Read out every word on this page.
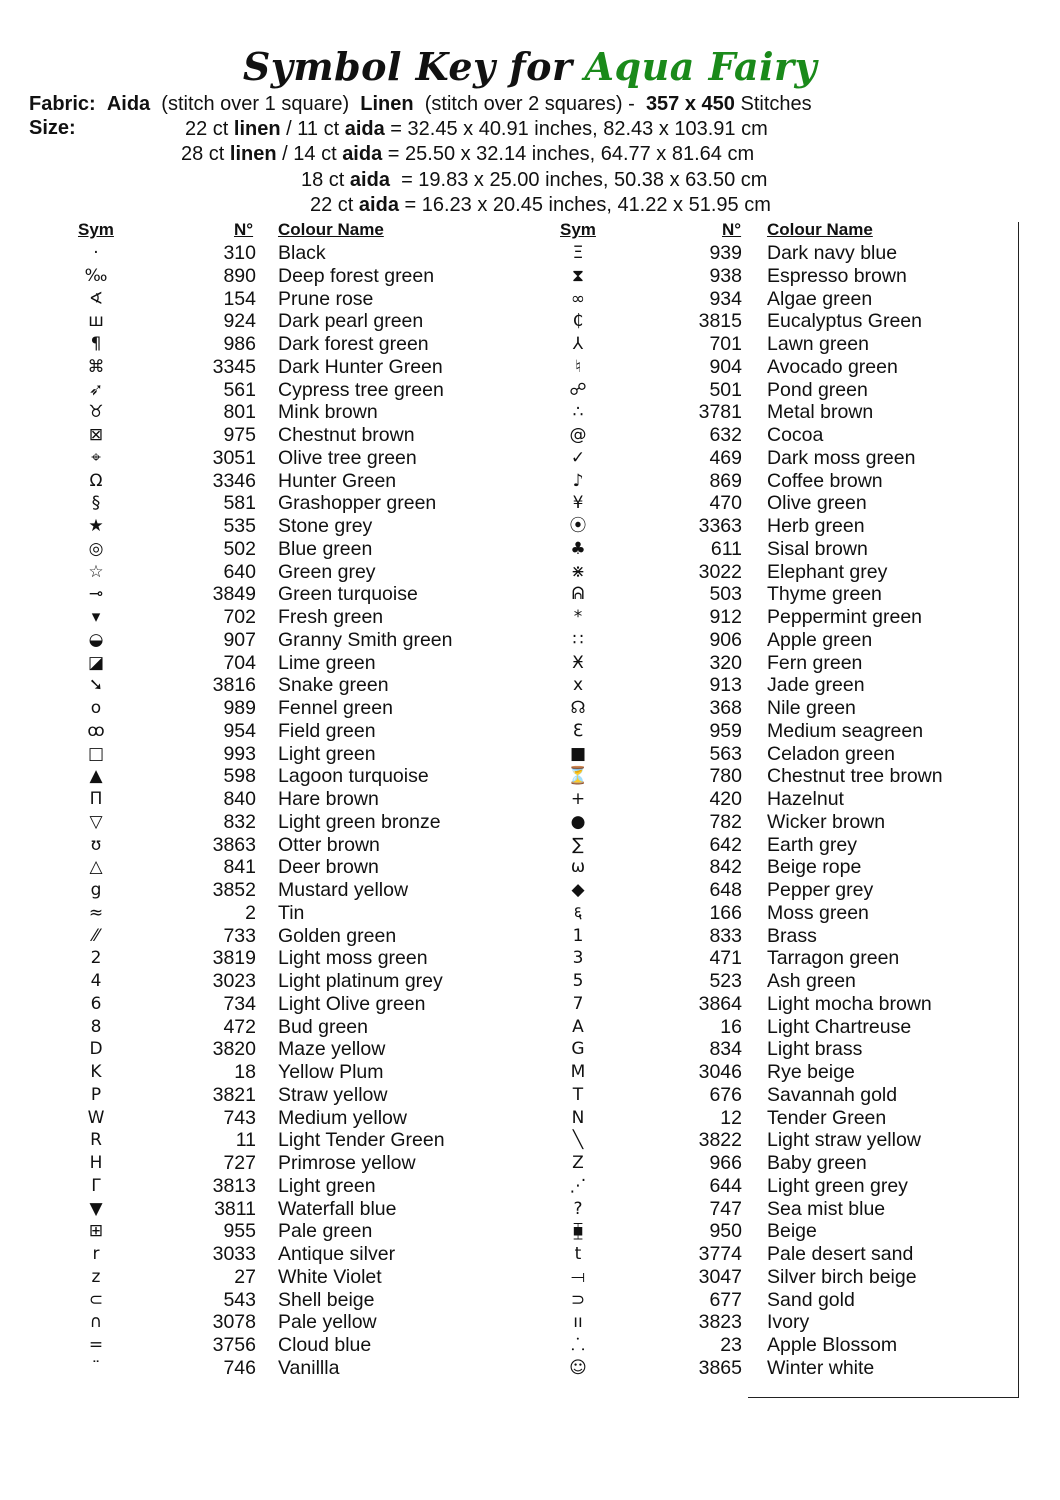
Symbol Key for Aqua Fairy
Fabric: Aida (stitch over 1 square) Linen (stitch over 2 squares) - 357 x 450 Stitches
Size:	22 ct linen / 11 ct aida = 32.45 x 40.91 inches, 82.43 x 103.91 cm
28 ct linen / 14 ct aida = 25.50 x 32.14 inches, 64.77 x 81.64 cm
18 ct aida  = 19.83 x 25.00 inches, 50.38 x 63.50 cm
22 ct aida = 16.23 x 20.45 inches, 41.22 x 51.95 cm
Sym	N° Colour Name	Sym	N° Colour Name
·	310 Black
‰	890 Deep forest green
∢	154 Prune rose
ш	924 Dark pearl green
¶	986 Dark forest green
⌘	3345 Dark Hunter Green
➶	561 Cypress tree green
♉	801 Mink brown
⊠	975 Chestnut brown
⌖	3051 Olive tree green
Ω	3346 Hunter Green
§	581 Grashopper green
★	535 Stone grey
◎	502 Blue green
☆	640 Green grey
⊸	3849 Green turquoise
▾	702 Fresh green
◒	907 Granny Smith green
◪	704 Lime green
➘	3816 Snake green
o	989 Fennel green
ꝏ	954 Field green
□	993 Light green
▲	598 Lagoon turquoise
Π	840 Hare brown
▽	832 Light green bronze
ʊ	3863 Otter brown
△	841 Deer brown
g	3852 Mustard yellow
≈	2 Tin
⁄⁄	733 Golden green
2	3819 Light moss green
4	3023 Light platinum grey
6	734 Light Olive green
8	472 Bud green
D	3820 Maze yellow
K	18 Yellow Plum
P	3821 Straw yellow
W	743 Medium yellow
R	11 Light Tender Green
H	727 Primrose yellow
Γ	3813 Light green
▼	3811 Waterfall blue
⊞	955 Pale green
r	3033 Antique silver
z	27 White Violet
⊂	543 Shell beige
∩	3078 Pale yellow
=	3756 Cloud blue
¨	746 Vanillla
Ξ	939 Dark navy blue
⧗	938 Espresso brown
∞	934 Algae green
₵	3815 Eucalyptus Green
⅄	701 Lawn green
♮	904 Avocado green
☍	501 Pond green
∴	3781 Metal brown
@	632 Cocoa
✓	469 Dark moss green
♪	869 Coffee brown
¥	470 Olive green
⦿	3363 Herb green
♣	611 Sisal brown
⋇	3022 Elephant grey
ᕱ	503 Thyme green
*	912 Peppermint green
∷	906 Apple green
Ӿ	320 Fern green
x	913 Jade green
☊	368 Nile green
ℇ	959 Medium seagreen
■	563 Celadon green
⏳	780 Chestnut tree brown
+	420 Hazelnut
●	782 Wicker brown
∑	642 Earth grey
ω	842 Beige rope
◆	648 Pepper grey
६	166 Moss green
1	833 Brass
3	471 Tarragon green
5	523 Ash green
7	3864 Light mocha brown
A	16 Light Chartreuse
G	834 Light brass
M	3046 Rye beige
T	676 Savannah gold
N	12 Tender Green
╲	3822 Light straw yellow
Z	966 Baby green
⋰	644 Light green grey
?	747 Sea mist blue
⧯	950 Beige
t	3774 Pale desert sand
⟞	3047 Silver birch beige
⊃	677 Sand gold
ıı	3823 Ivory
⸫	23 Apple Blossom
☺	3865 Winter white
